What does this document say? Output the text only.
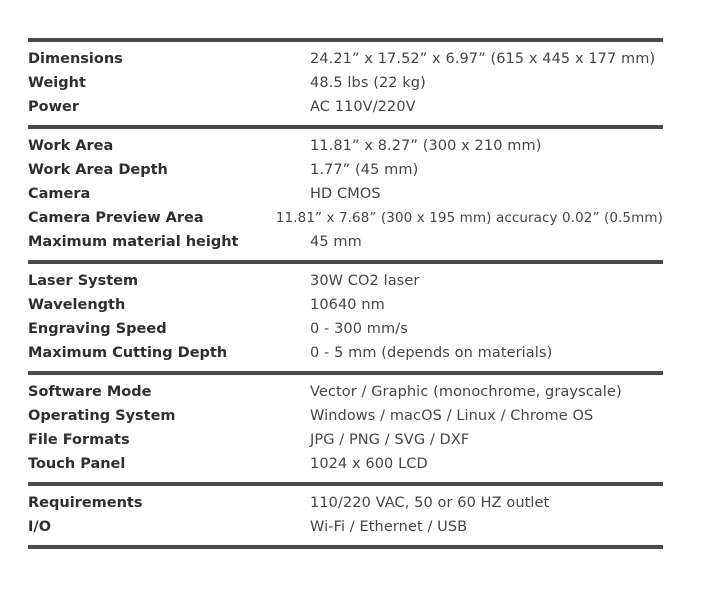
Dimensions	24.21” x 17.52” x 6.97” (615 x 445 x 177 mm)
Weight	48.5 lbs (22 kg)
Power	AC 110V/220V
Work Area	11.81” x 8.27” (300 x 210 mm)
Work Area Depth	1.77” (45 mm)
Camera	HD CMOS
Camera Preview Area	11.81” x 7.68” (300 x 195 mm) accuracy 0.02” (0.5mm)
Maximum material height	45 mm
Laser System	30W CO2 laser
Wavelength	10640 nm
Engraving Speed	0 - 300 mm/s
Maximum Cutting Depth	0 - 5 mm (depends on materials)
Software Mode	Vector / Graphic (monochrome, grayscale)
Operating System	Windows / macOS / Linux / Chrome OS
File Formats	JPG / PNG / SVG / DXF
Touch Panel	1024 x 600 LCD
Requirements	110/220 VAC, 50 or 60 HZ outlet
I/O	Wi-Fi / Ethernet / USB
